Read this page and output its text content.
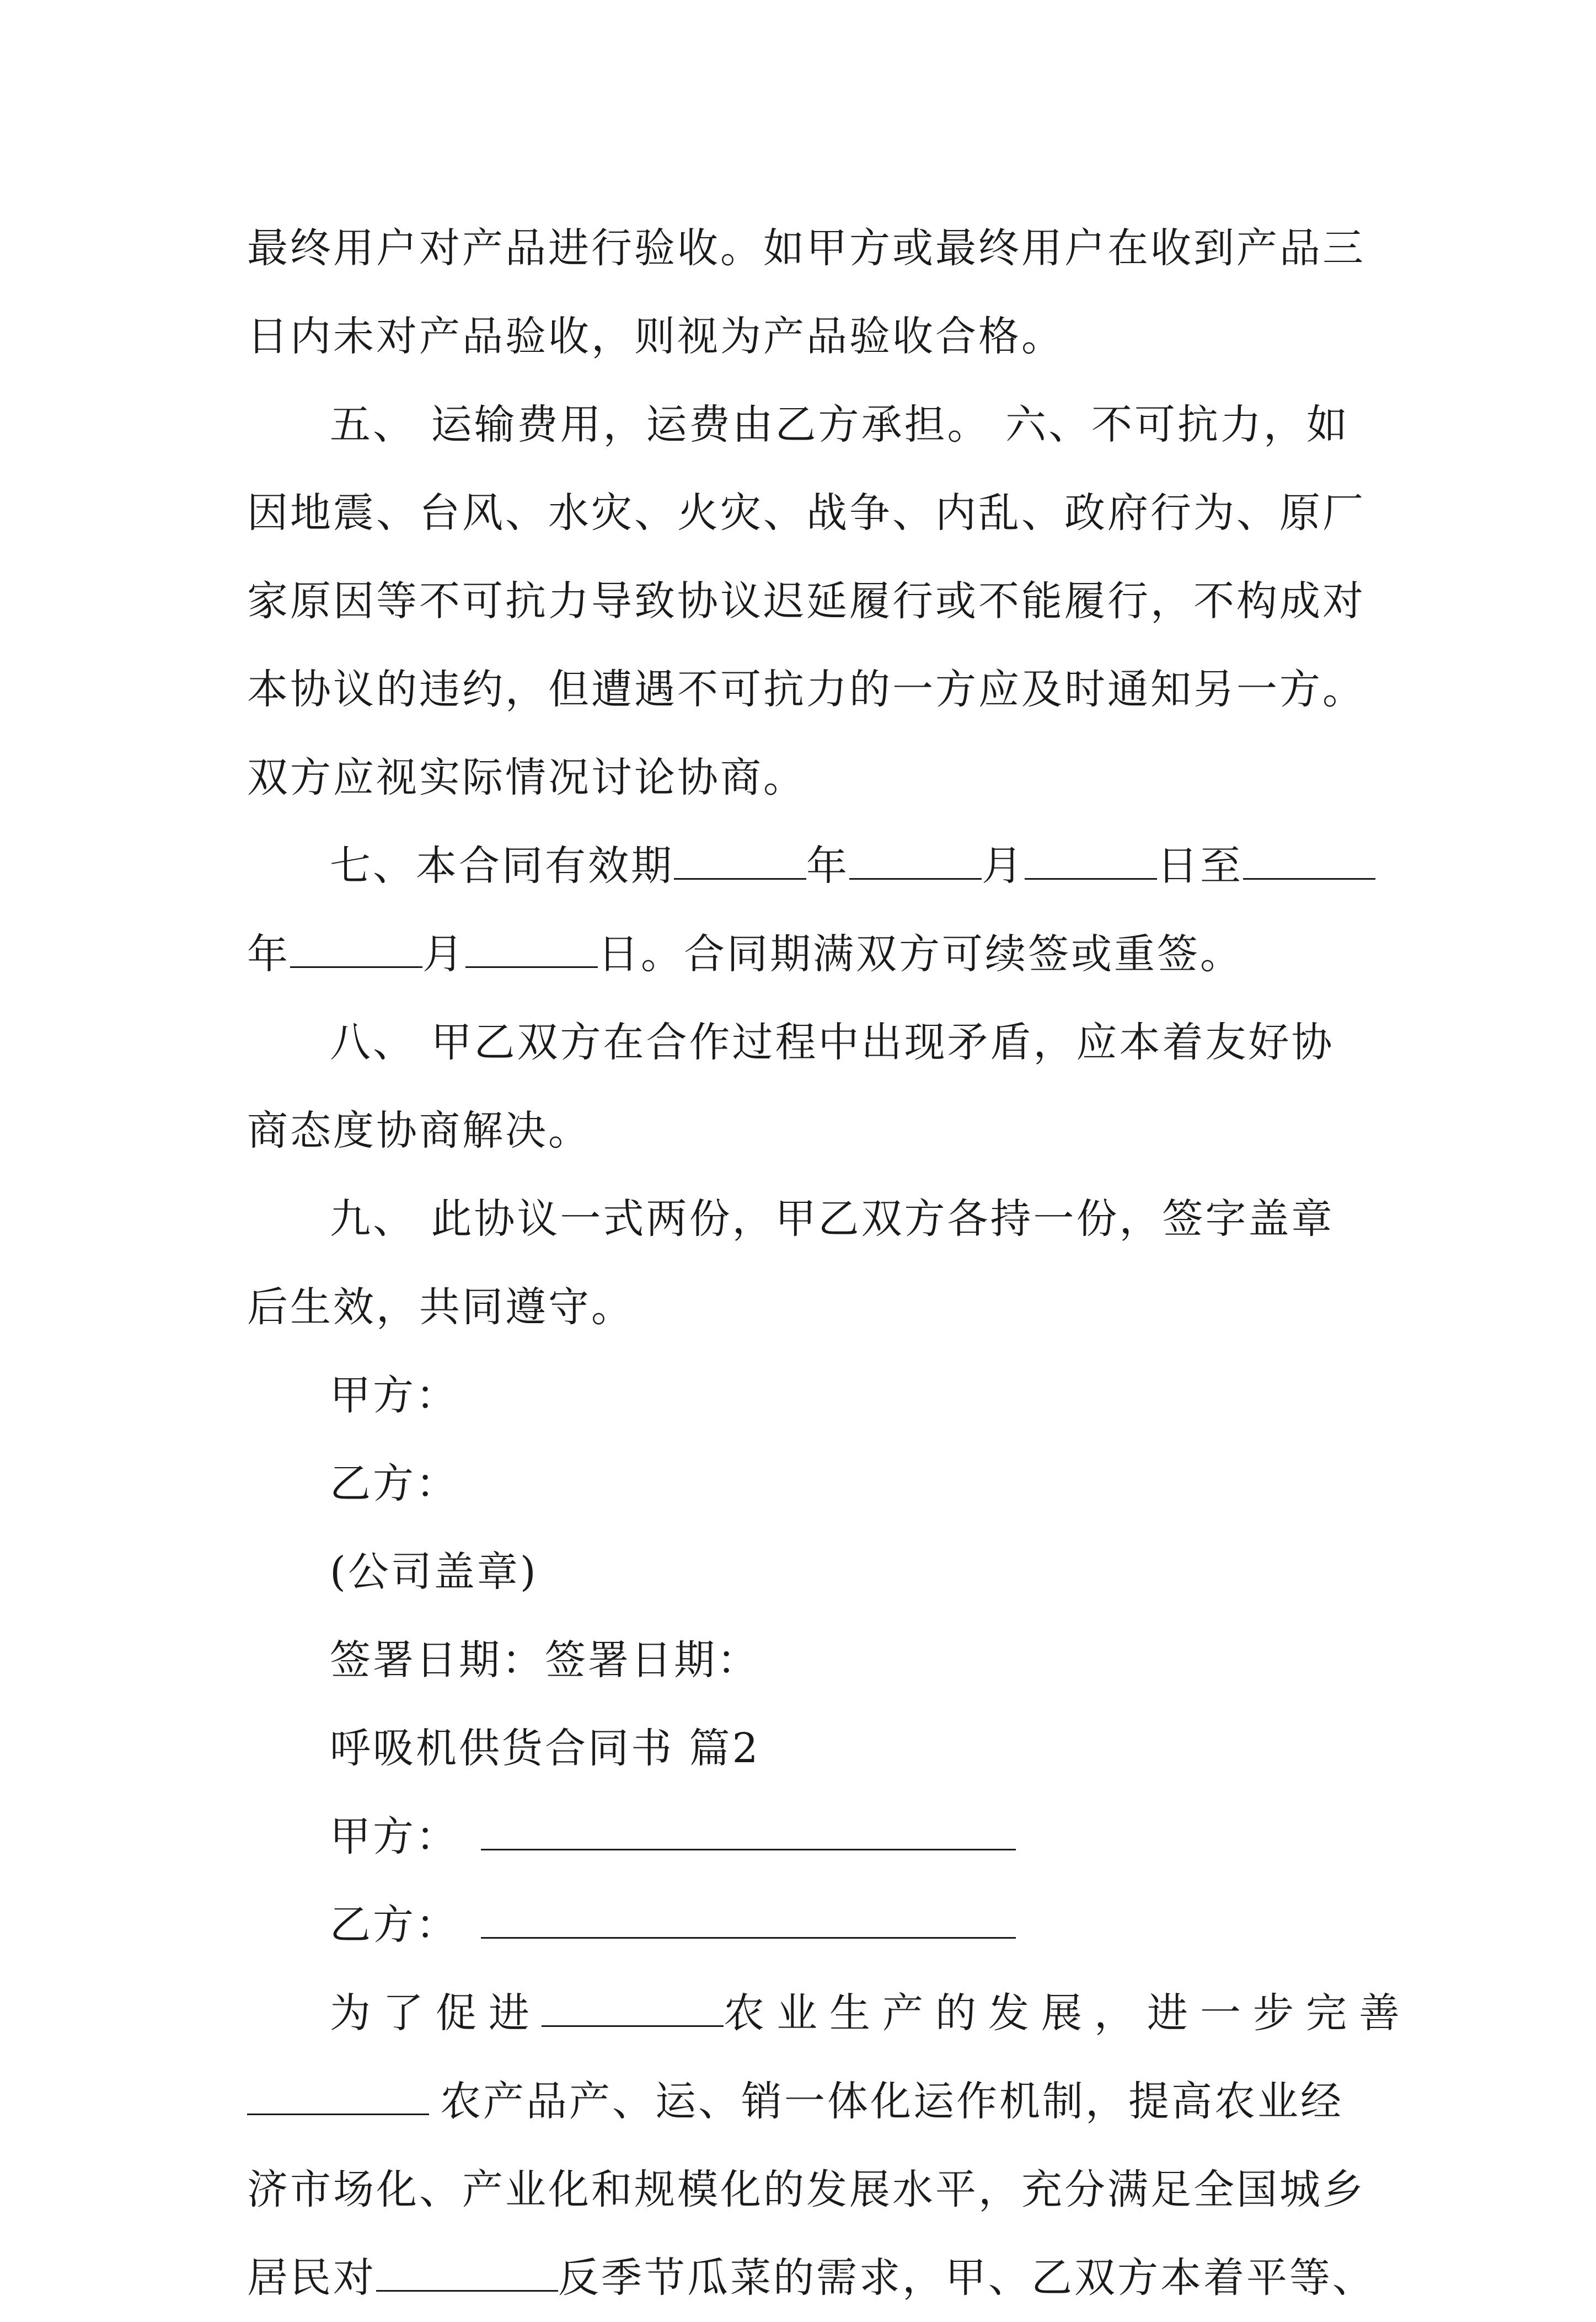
最终用户对产品进行验收。如甲方或最终用户在收到产品三
日内未对产品验收，则视为产品验收合格。
五、 运输费用，运费由乙方承担。 六、不可抗力，如
因地震、台风、水灾、火灾、战争、内乱、政府行为、原厂
家原因等不可抗力导致协议迟延履行或不能履行，不构成对
本协议的违约，但遭遇不可抗力的一方应及时通知另一方。
双方应视实际情况讨论协商。
七、本合同有效期	年	月	日至
年	月	日。合同期满双方可续签或重签。
八、 甲乙双方在合作过程中出现矛盾，应本着友好协
商态度协商解决。
九、 此协议一式两份，甲乙双方各持一份，签字盖章
后生效，共同遵守。
甲方：
乙方：
(公司盖章)
签署日期：签署日期：
呼吸机供货合同书 篇2
甲方：
乙方：
为了促进	农业生产的发展，进一步完善
农产品产、运、销一体化运作机制，提高农业经
济市场化、产业化和规模化的发展水平，充分满足全国城乡
居民对	反季节瓜菜的需求，甲、乙双方本着平等、
